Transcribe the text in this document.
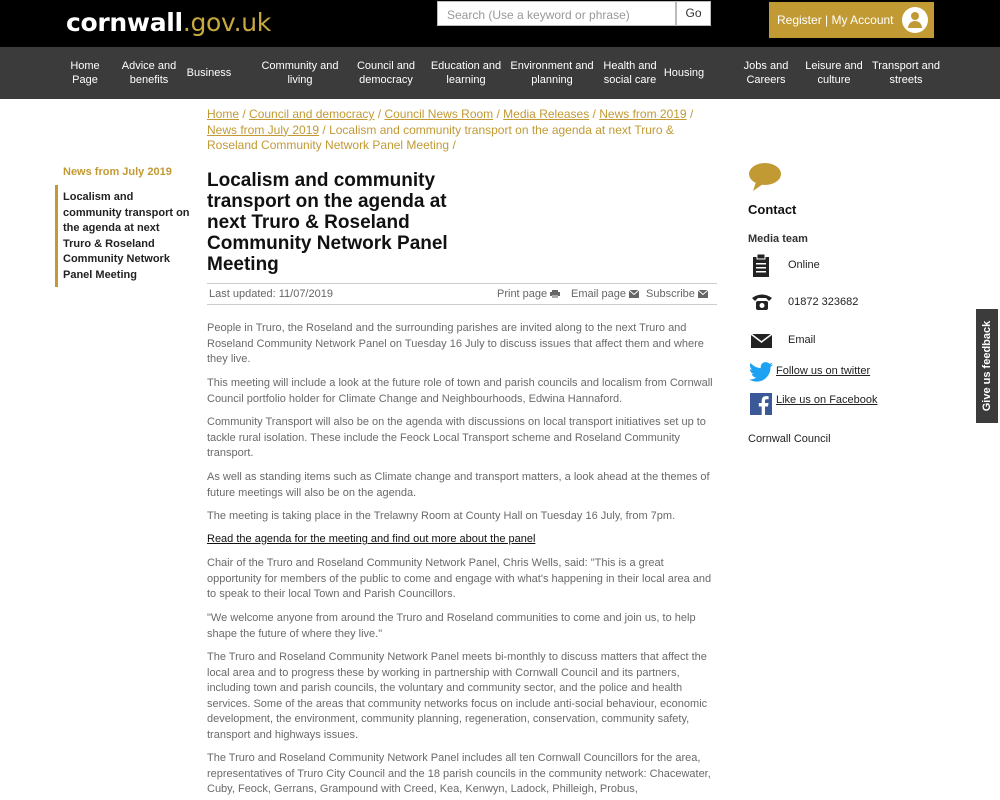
cornwall.gov.uk	Search (Use a keyword or phrase)	Go	Register | My Account
Home
Page
Advice and
benefits
Business
Community and
living
Council and
democracy
Education and
learning
Environment and
planning
Health and
social care
Housing
Jobs and
Careers
Leisure and
culture
Transport and
streets
Home / Council and democracy / Council News Room / Media Releases / News from 2019 / News from July 2019 / Localism and community transport on the agenda at next Truro & Roseland Community Network Panel Meeting /
News from July 2019
Localism and community transport on the agenda at next Truro & Roseland Community Network Panel Meeting
Localism and community transport on the agenda at next Truro & Roseland Community Network Panel Meeting
Last updated: 11/07/2019	Print page	Email page	Subscribe

People in Truro, the Roseland and the surrounding parishes are invited along to the next Truro and Roseland Community Network Panel on Tuesday 16 July to discuss issues that affect them and where they live.

This meeting will include a look at the future role of town and parish councils and localism from Cornwall Council portfolio holder for Climate Change and Neighbourhoods, Edwina Hannaford.

Community Transport will also be on the agenda with discussions on local transport initiatives set up to tackle rural isolation. These include the Feock Local Transport scheme and Roseland Community transport.

As well as standing items such as Climate change and transport matters, a look ahead at the themes of future meetings will also be on the agenda.

The meeting is taking place in the Trelawny Room at County Hall on Tuesday 16 July, from 7pm.

Read the agenda for the meeting and find out more about the panel

Chair of the Truro and Roseland Community Network Panel, Chris Wells, said: "This is a great opportunity for members of the public to come and engage with what's happening in their local area and to speak to their local Town and Parish Councillors.

"We welcome anyone from around the Truro and Roseland communities to come and join us, to help shape the future of where they live."

The Truro and Roseland Community Network Panel meets bi-monthly to discuss matters that affect the local area and to progress these by working in partnership with Cornwall Council and its partners, including town and parish councils, the voluntary and community sector, and the police and health services. Some of the areas that community networks focus on include anti-social behaviour, economic development, the environment, community planning, regeneration, conservation, community safety, transport and highways issues.

The Truro and Roseland Community Network Panel includes all ten Cornwall Councillors for the area, representatives of Truro City Council and the 18 parish councils in the community network: Chacewater, Cuby, Feock, Gerrans, Grampound with Creed, Kea, Kenwyn, Ladock, Philleigh, Probus,

Contact
Media team
Online
01872 323682
Email
Follow us on twitter
Like us on Facebook
Cornwall Council
Give us feedback
